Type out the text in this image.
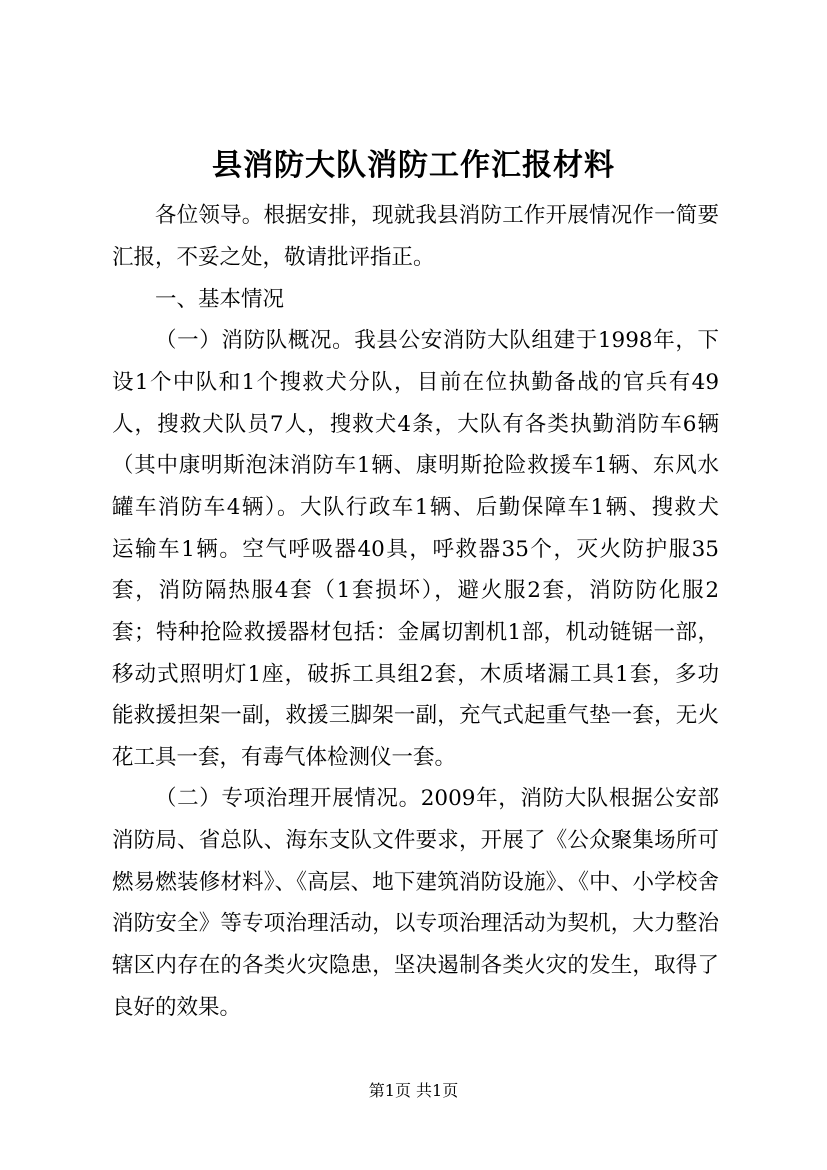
县消防大队消防工作汇报材料

各位领导。根据安排，现就我县消防工作开展情况作一简要

汇报，不妥之处，敬请批评指正。

一、基本情况

（一）消防队概况。我县公安消防大队组建于1998年，下

设1个中队和1个搜救犬分队，目前在位执勤备战的官兵有49

人，搜救犬队员7人，搜救犬4条，大队有各类执勤消防车6辆

（其中康明斯泡沫消防车1辆、康明斯抢险救援车1辆、东风水

罐车消防车4辆）。大队行政车1辆、后勤保障车1辆、搜救犬

运输车1辆。空气呼吸器40具，呼救器35个，灭火防护服35

套，消防隔热服4套（1套损坏），避火服2套，消防防化服2

套；特种抢险救援器材包括：金属切割机1部，机动链锯一部，

移动式照明灯1座，破拆工具组2套，木质堵漏工具1套，多功

能救援担架一副，救援三脚架一副，充气式起重气垫一套，无火

花工具一套，有毒气体检测仪一套。

（二）专项治理开展情况。2009年，消防大队根据公安部

消防局、省总队、海东支队文件要求，开展了《公众聚集场所可

燃易燃装修材料》、《高层、地下建筑消防设施》、《中、小学校舍

消防安全》等专项治理活动，以专项治理活动为契机，大力整治

辖区内存在的各类火灾隐患，坚决遏制各类火灾的发生，取得了

良好的效果。

第1页 共1页
